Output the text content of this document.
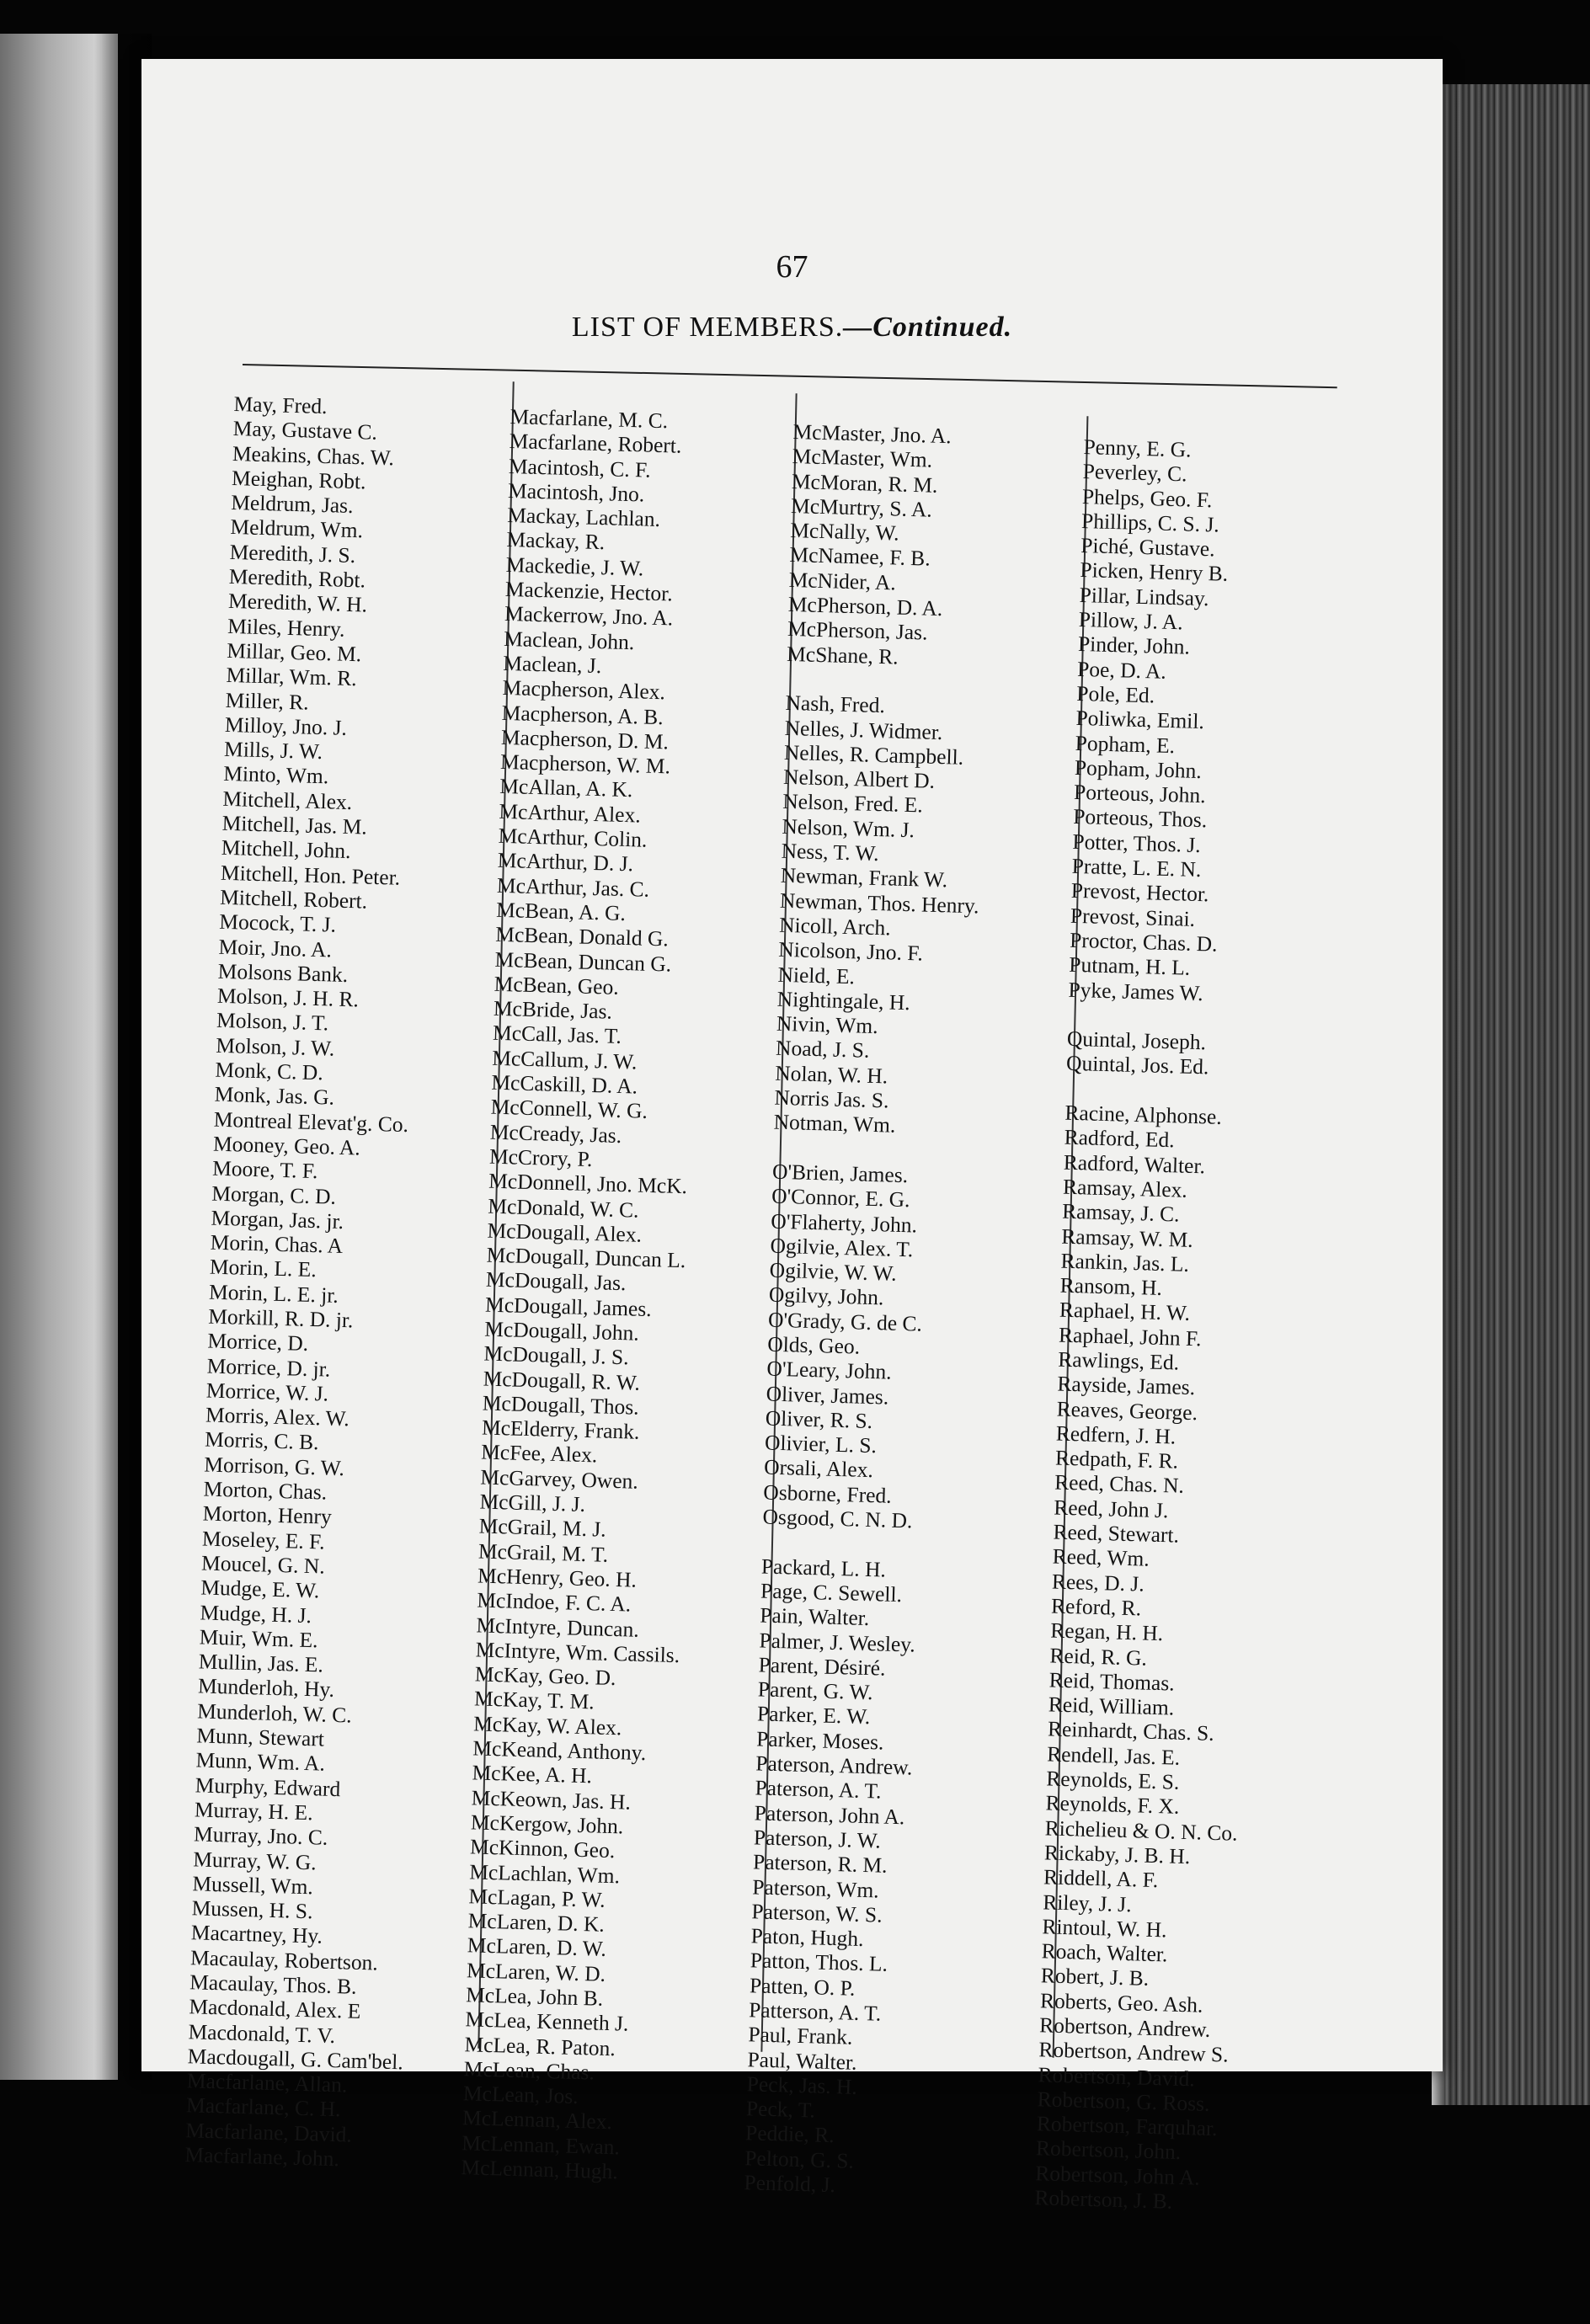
67
LIST OF MEMBERS.—Continued.
May, Fred.
May, Gustave C.
Meakins, Chas. W.
Meighan, Robt.
Meldrum, Jas.
Meldrum, Wm.
Meredith, J. S.
Meredith, Robt.
Meredith, W. H.
Miles, Henry.
Millar, Geo. M.
Millar, Wm. R.
Miller, R.
Milloy, Jno. J.
Mills, J. W.
Minto, Wm.
Mitchell, Alex.
Mitchell, Jas. M.
Mitchell, John.
Mitchell, Hon. Peter.
Mitchell, Robert.
Mocock, T. J.
Moir, Jno. A.
Molsons Bank.
Molson, J. H. R.
Molson, J. T.
Molson, J. W.
Monk, C. D.
Monk, Jas. G.
Montreal Elevat'g. Co.
Mooney, Geo. A.
Moore, T. F.
Morgan, C. D.
Morgan, Jas. jr.
Morin, Chas. A
Morin, L. E.
Morin, L. E. jr.
Morkill, R. D. jr.
Morrice, D.
Morrice, D. jr.
Morrice, W. J.
Morris, Alex. W.
Morris, C. B.
Morrison, G. W.
Morton, Chas.
Morton, Henry
Moseley, E. F.
Moucel, G. N.
Mudge, E. W.
Mudge, H. J.
Muir, Wm. E.
Mullin, Jas. E.
Munderloh, Hy.
Munderloh, W. C.
Munn, Stewart
Munn, Wm. A.
Murphy, Edward
Murray, H. E.
Murray, Jno. C.
Murray, W. G.
Mussell, Wm.
Mussen, H. S.
Macartney, Hy.
Macaulay, Robertson.
Macaulay, Thos. B.
Macdonald, Alex. E
Macdonald, T. V.
Macdougall, G. Cam'bel.
Macfarlane, Allan.
Macfarlane, C. H.
Macfarlane, David.
Macfarlane, John.
Macfarlane, M. C.
Macfarlane, Robert.
Macintosh, C. F.
Macintosh, Jno.
Mackay, Lachlan.
Mackay, R.
Mackedie, J. W.
Mackenzie, Hector.
Mackerrow, Jno. A.
Maclean, John.
Maclean, J.
Macpherson, Alex.
Macpherson, A. B.
Macpherson, D. M.
Macpherson, W. M.
McAllan, A. K.
McArthur, Alex.
McArthur, Colin.
McArthur, D. J.
McArthur, Jas. C.
McBean, A. G.
McBean, Donald G.
McBean, Duncan G.
McBean, Geo.
McBride, Jas.
McCall, Jas. T.
McCallum, J. W.
McCaskill, D. A.
McConnell, W. G.
McCready, Jas.
McCrory, P.
McDonnell, Jno. McK.
McDonald, W. C.
McDougall, Alex.
McDougall, Duncan L.
McDougall, Jas.
McDougall, James.
McDougall, John.
McDougall, J. S.
McDougall, R. W.
McDougall, Thos.
McElderry, Frank.
McFee, Alex.
McGarvey, Owen.
McGill, J. J.
McGrail, M. J.
McGrail, M. T.
McHenry, Geo. H.
McIndoe, F. C. A.
McIntyre, Duncan.
McIntyre, Wm. Cassils.
McKay, Geo. D.
McKay, T. M.
McKay, W. Alex.
McKeand, Anthony.
McKee, A. H.
McKeown, Jas. H.
McKergow, John.
McKinnon, Geo.
McLachlan, Wm.
McLagan, P. W.
McLaren, D. K.
McLaren, D. W.
McLaren, W. D.
McLea, John B.
McLea, Kenneth J.
McLea, R. Paton.
McLean, Chas.
McLean, Jos.
McLennan, Alex.
McLennan, Ewan.
McLennan, Hugh.
McMaster, Jno. A.
McMaster, Wm.
McMoran, R. M.
McMurtry, S. A.
McNally, W.
McNamee, F. B.
McNider, A.
McPherson, D. A.
McPherson, Jas.
McShane, R.
Nash, Fred.
Nelles, J. Widmer.
Nelles, R. Campbell.
Nelson, Albert D.
Nelson, Fred. E.
Nelson, Wm. J.
Ness, T. W.
Newman, Frank W.
Newman, Thos. Henry.
Nicoll, Arch.
Nicolson, Jno. F.
Nield, E.
Nightingale, H.
Nivin, Wm.
Noad, J. S.
Nolan, W. H.
Norris Jas. S.
Notman, Wm.
O'Brien, James.
O'Connor, E. G.
O'Flaherty, John.
Ogilvie, Alex. T.
Ogilvie, W. W.
Ogilvy, John.
O'Grady, G. de C.
Olds, Geo.
O'Leary, John.
Oliver, James.
Oliver, R. S.
Olivier, L. S.
Orsali, Alex.
Osborne, Fred.
Osgood, C. N. D.
Packard, L. H.
Page, C. Sewell.
Pain, Walter.
Palmer, J. Wesley.
Parent, Désiré.
Parent, G. W.
Parker, E. W.
Parker, Moses.
Paterson, Andrew.
Paterson, A. T.
Paterson, John A.
Paterson, J. W.
Paterson, R. M.
Paterson, Wm.
Paterson, W. S.
Paton, Hugh.
Patton, Thos. L.
Patten, O. P.
Patterson, A. T.
Paul, Frank.
Paul, Walter.
Peck, Jas. H.
Peck, T.
Peddie, R.
Pelton, G. S.
Penfold, J.
Penny, E. G.
Peverley, C.
Phelps, Geo. F.
Phillips, C. S. J.
Piché, Gustave.
Picken, Henry B.
Pillar, Lindsay.
Pillow, J. A.
Pinder, John.
Poe, D. A.
Pole, Ed.
Poliwka, Emil.
Popham, E.
Popham, John.
Porteous, John.
Porteous, Thos.
Potter, Thos. J.
Pratte, L. E. N.
Prevost, Hector.
Prevost, Sinai.
Proctor, Chas. D.
Putnam, H. L.
Pyke, James W.
Quintal, Joseph.
Quintal, Jos. Ed.
Racine, Alphonse.
Radford, Ed.
Radford, Walter.
Ramsay, Alex.
Ramsay, J. C.
Ramsay, W. M.
Rankin, Jas. L.
Ransom, H.
Raphael, H. W.
Raphael, John F.
Rawlings, Ed.
Rayside, James.
Reaves, George.
Redfern, J. H.
Redpath, F. R.
Reed, Chas. N.
Reed, John J.
Reed, Stewart.
Reed, Wm.
Rees, D. J.
Reford, R.
Regan, H. H.
Reid, R. G.
Reid, Thomas.
Reid, William.
Reinhardt, Chas. S.
Rendell, Jas. E.
Reynolds, E. S.
Reynolds, F. X.
Richelieu & O. N. Co.
Rickaby, J. B. H.
Riddell, A. F.
Riley, J. J.
Rintoul, W. H.
Roach, Walter.
Robert, J. B.
Roberts, Geo. Ash.
Robertson, Andrew.
Robertson, Andrew S.
Robertson, David.
Robertson, G. Ross.
Robertson, Farquhar.
Robertson, John.
Robertson, John A.
Robertson, J. B.
